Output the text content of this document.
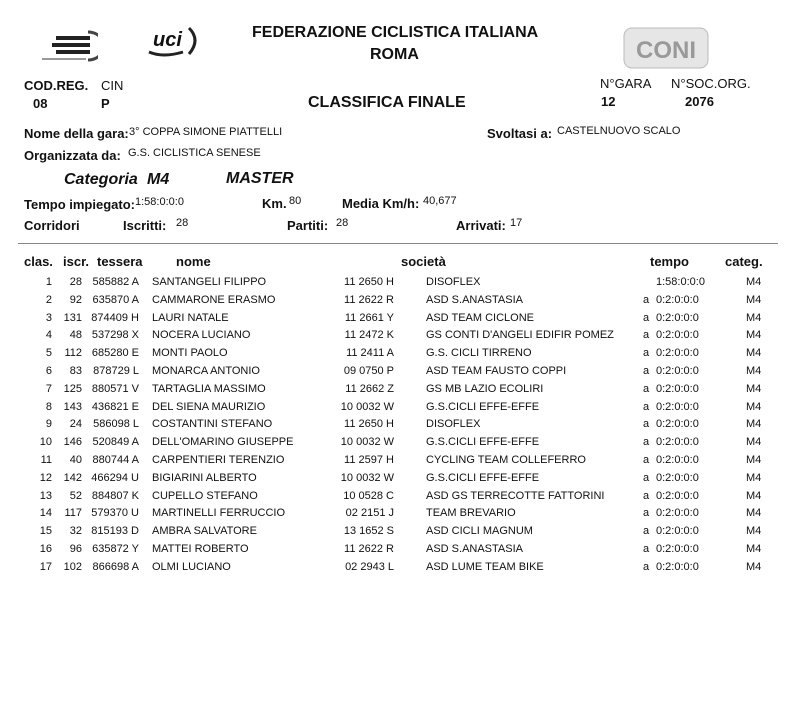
uci	CONI
FEDERAZIONE CICLISTICA ITALIANA
ROMA
COD.REG. CIN
08	P	CLASSIFICA FINALE
N°GARA N°SOC.ORG.
12	2076
Nome della gara: 3° COPPA SIMONE PIATTELLI	Svoltasi a: CASTELNUOVO SCALO
Organizzata da: G.S. CICLISTICA SENESE
Categoria M4	MASTER
Tempo impiegato: 1:58:0:0:0	Km. 80	Media Km/h: 40,677
Corridori	Iscritti: 28	Partiti: 28	Arrivati: 17
clas. iscr. tessera	nome	società	tempo	categ.
1	28 585882 A SANTANGELI FILIPPO	11 2650 H	DISOFLEX	1:58:0:0:0	M4
2	92 635870 A CAMMARONE ERASMO	11 2622 R	ASD S.ANASTASIA	a 0:2:0:0:0	M4
3	131 874409 H LAURI NATALE	11 2661 Y	ASD TEAM CICLONE	a 0:2:0:0:0	M4
4	48 537298 X NOCERA LUCIANO	11 2472 K	GS CONTI D'ANGELI EDIFIR POMEZ	a 0:2:0:0:0	M4
5	112 685280 E MONTI PAOLO	11 2411 A	G.S. CICLI TIRRENO	a 0:2:0:0:0	M4
6	83	878729 L MONARCA ANTONIO	09 0750 P	ASD TEAM FAUSTO COPPI	a 0:2:0:0:0	M4
7	125 880571 V TARTAGLIA MASSIMO	11 2662 Z	GS MB LAZIO ECOLIRI	a 0:2:0:0:0	M4
8	143 436821 E DEL SIENA MAURIZIO	10 0032 W	G.S.CICLI EFFE-EFFE	a 0:2:0:0:0	M4
9	24	586098 L COSTANTINI STEFANO	11 2650 H	DISOFLEX	a 0:2:0:0:0	M4
10	146 520849 A DELL'OMARINO GIUSEPPE	10 0032 W	G.S.CICLI EFFE-EFFE	a 0:2:0:0:0	M4
11	40 880744 A CARPENTIERI TERENZIO	11 2597 H	CYCLING TEAM COLLEFERRO	a 0:2:0:0:0	M4
12	142 466294 U BIGIARINI ALBERTO	10 0032 W	G.S.CICLI EFFE-EFFE	a 0:2:0:0:0	M4
13	52 884807 K CUPELLO STEFANO	10 0528 C	ASD GS TERRECOTTE FATTORINI	a 0:2:0:0:0	M4
14	117 579370 U MARTINELLI FERRUCCIO	02 2151 J	TEAM BREVARIO	a 0:2:0:0:0	M4
15	32 815193 D AMBRA SALVATORE	13 1652 S	ASD CICLI MAGNUM	a 0:2:0:0:0	M4
16	96 635872 Y MATTEI ROBERTO	11 2622 R	ASD S.ANASTASIA	a 0:2:0:0:0	M4
17	102 866698 A OLMI LUCIANO	02 2943 L	ASD LUME TEAM BIKE	a 0:2:0:0:0	M4
